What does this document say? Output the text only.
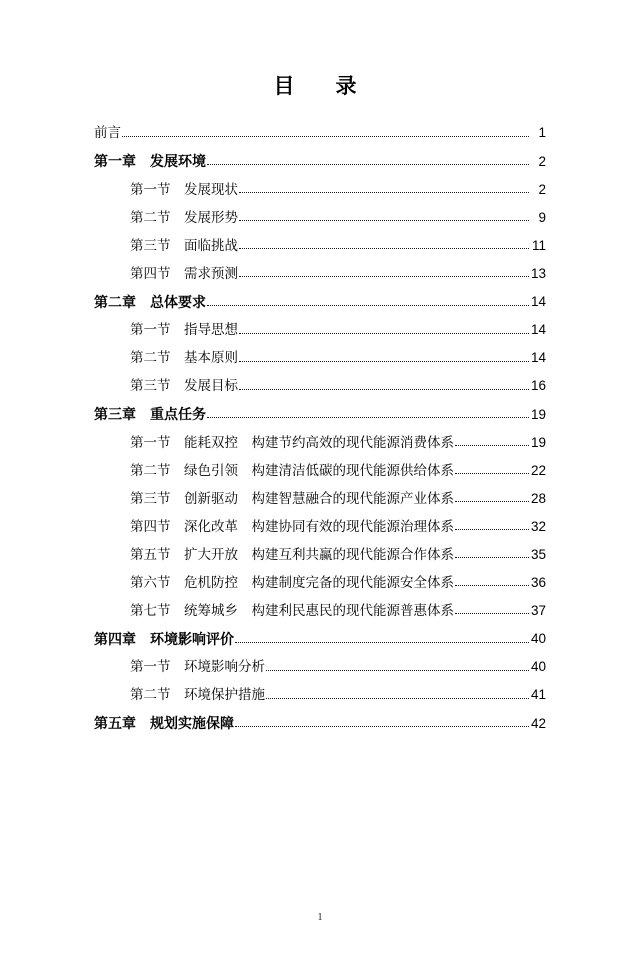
目　录
前言	1
第一章　发展环境	2
第一节　发展现状	2
第二节　发展形势	9
第三节　面临挑战	11
第四节　需求预测	13
第二章　总体要求	14
第一节　指导思想	14
第二节　基本原则	14
第三节　发展目标	16
第三章　重点任务	19
第一节　能耗双控　构建节约高效的现代能源消费体系	19
第二节　绿色引领　构建清洁低碳的现代能源供给体系	22
第三节　创新驱动　构建智慧融合的现代能源产业体系	28
第四节　深化改革　构建协同有效的现代能源治理体系	32
第五节　扩大开放　构建互利共赢的现代能源合作体系	35
第六节　危机防控　构建制度完备的现代能源安全体系	36
第七节　统筹城乡　构建利民惠民的现代能源普惠体系	37
第四章　环境影响评价	40
第一节　环境影响分析	40
第二节　环境保护措施	41
第五章　规划实施保障	42
1
